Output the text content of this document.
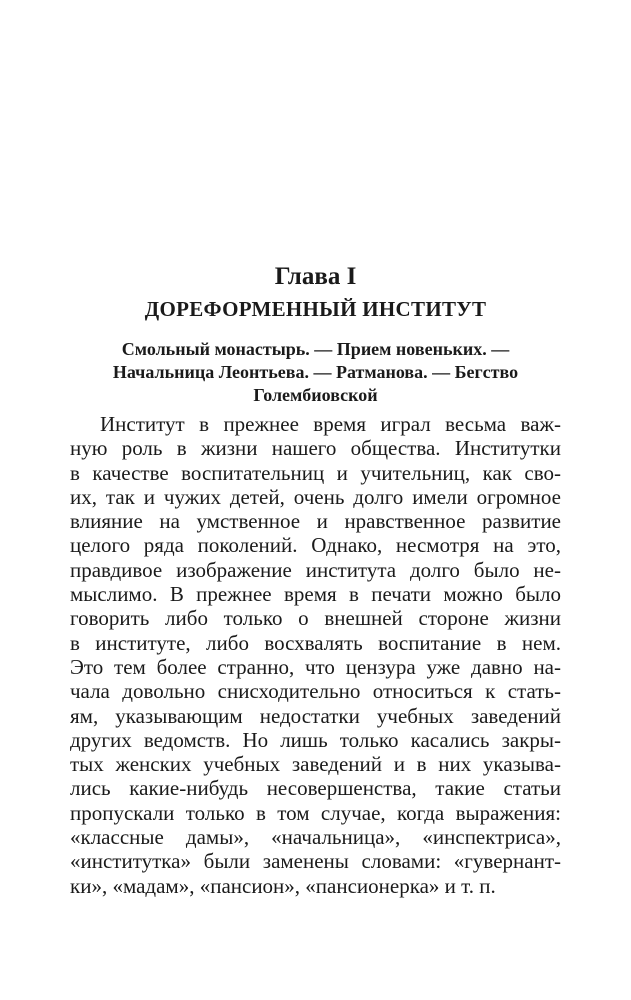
Глава I
ДОРЕФОРМЕННЫЙ ИНСТИТУТ

Смольный монастырь. — Прием новеньких. —
Начальница Леонтьева. — Ратманова. — Бегство
Голембиовской

Институт в прежнее время играл весьма важ-
ную роль в жизни нашего общества. Институтки
в качестве воспитательниц и учительниц, как сво-
их, так и чужих детей, очень долго имели огромное
влияние на умственное и нравственное развитие
целого ряда поколений. Однако, несмотря на это,
правдивое изображение института долго было не-
мыслимо. В прежнее время в печати можно было
говорить либо только о внешней стороне жизни
в институте, либо восхвалять воспитание в нем.
Это тем более странно, что цензура уже давно на-
чала довольно снисходительно относиться к стать-
ям, указывающим недостатки учебных заведений
других ведомств. Но лишь только касались закры-
тых женских учебных заведений и в них указыва-
лись какие-нибудь несовершенства, такие статьи
пропускали только в том случае, когда выражения:
«классные дамы», «начальница», «инспектриса»,
«институтка» были заменены словами: «гувернант-
ки», «мадам», «пансион», «пансионерка» и т. п.
